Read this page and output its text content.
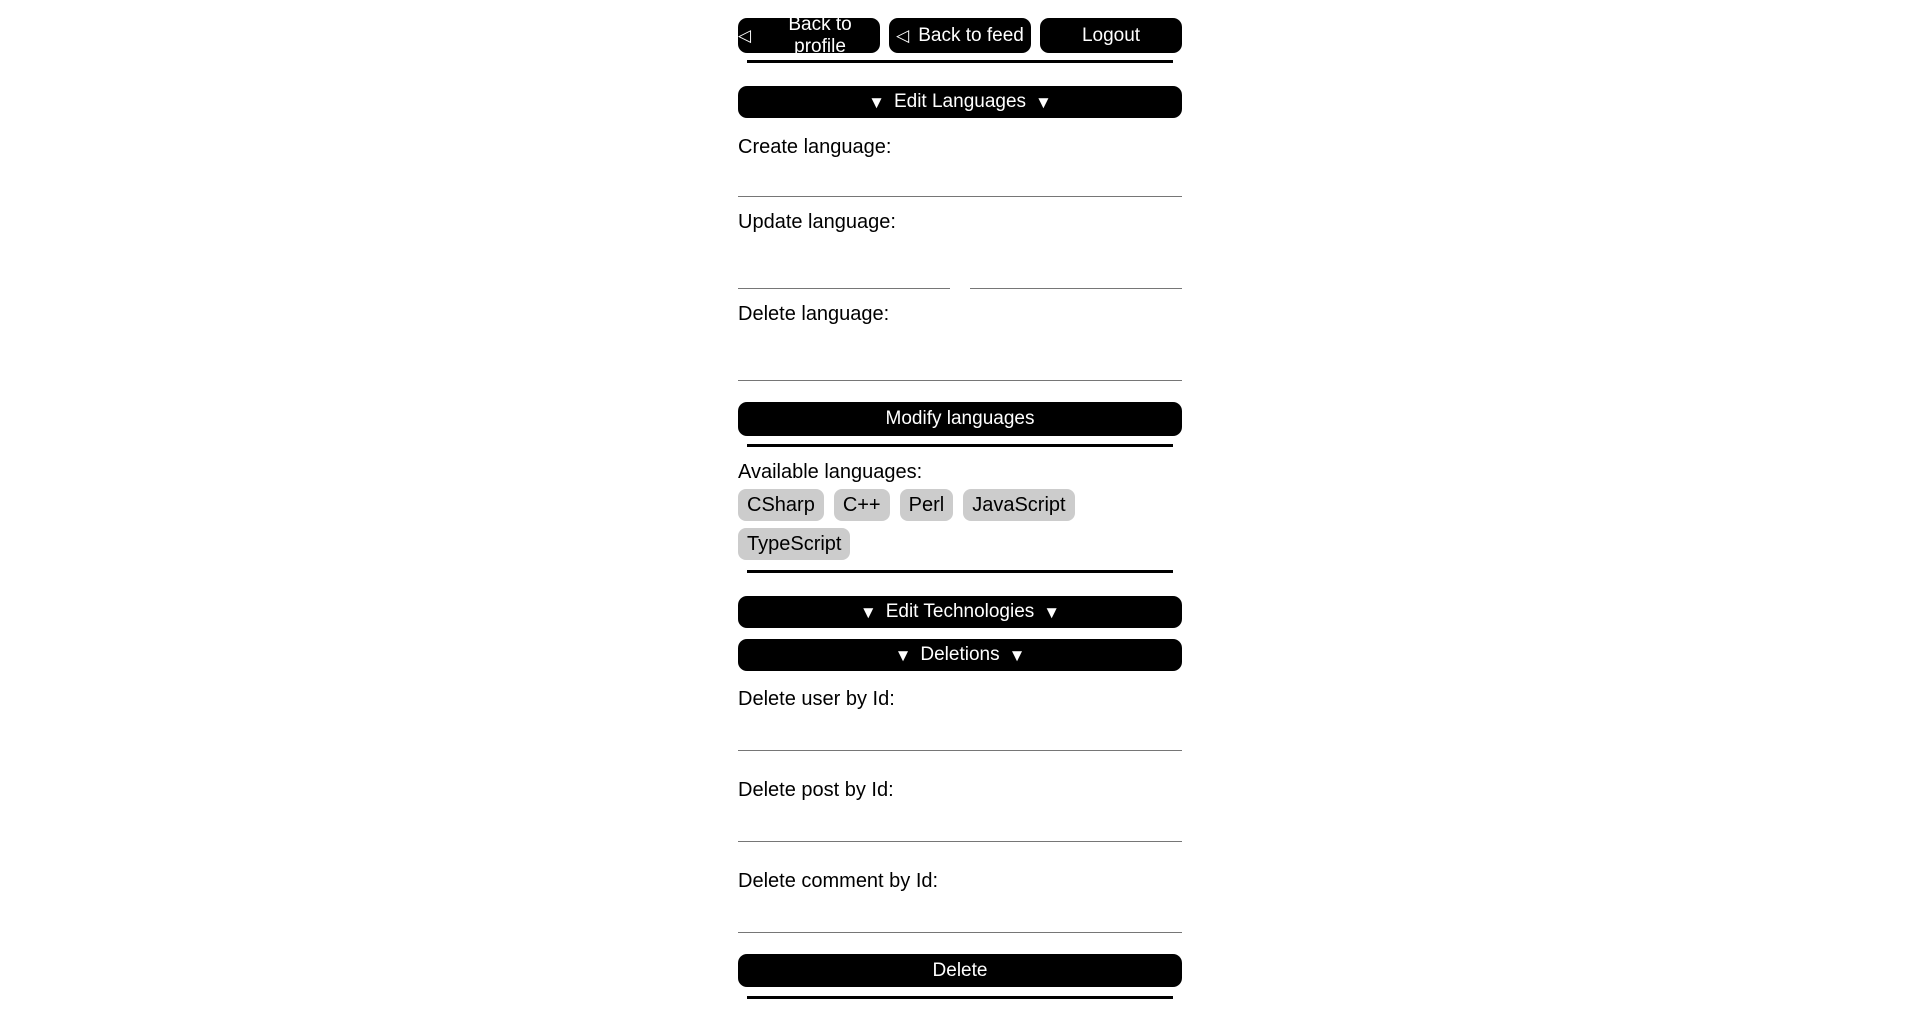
◁
Back to profile	◁ Back to feed	Logout
▼ Edit Languages ▼
Create language:
Update language:
Delete language:
Modify languages
Available languages:
CSharp	C++	Perl	JavaScript
TypeScript
▼ Edit Technologies ▼
▼ Deletions ▼
Delete user by Id:
Delete post by Id:
Delete comment by Id:
Delete
